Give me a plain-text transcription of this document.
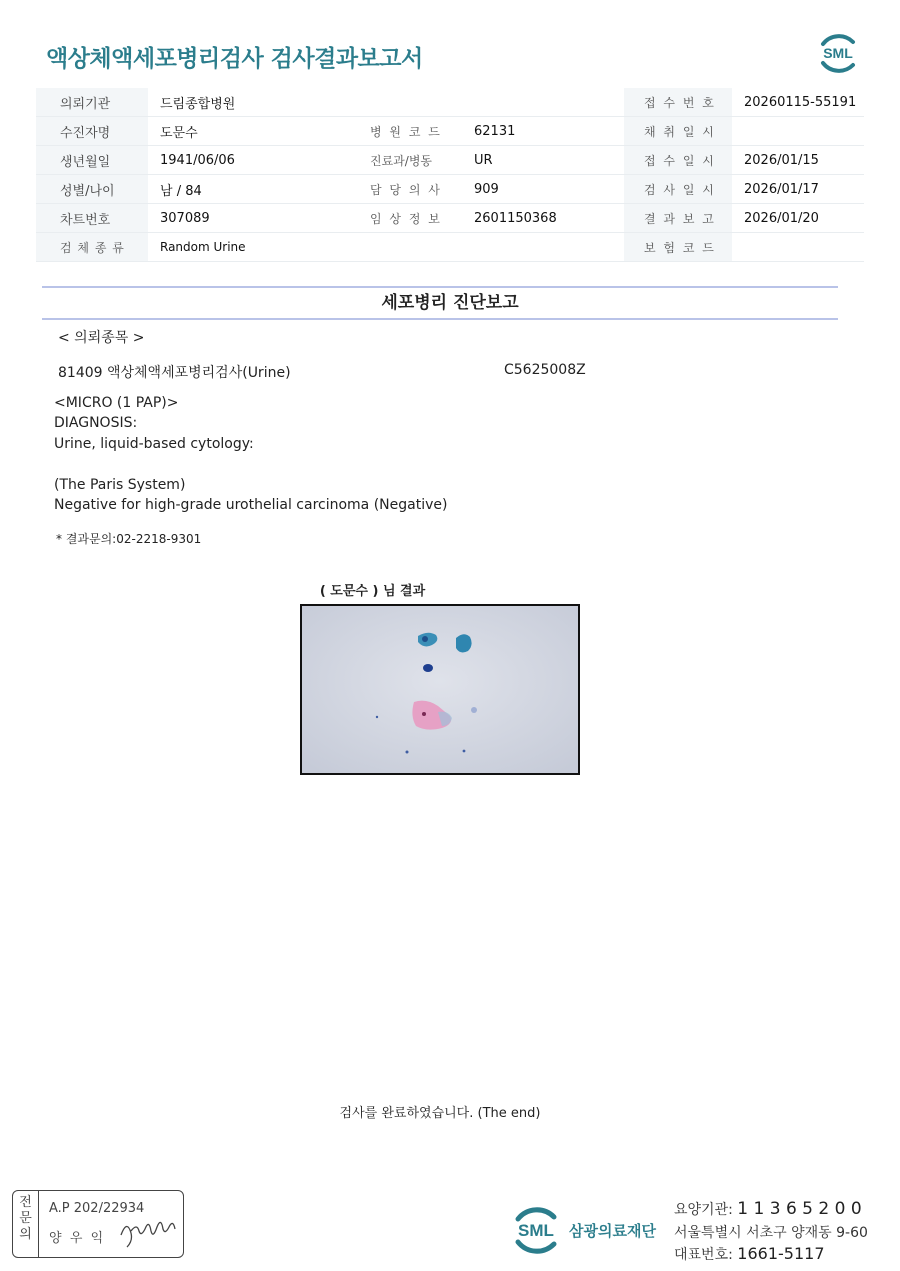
액상체액세포병리검사 검사결과보고서	SML
의뢰기관	드림종합병원			접 수 번 호	20260115-55191
수진자명	도문수	병 원 코 드	62131	채 취 일 시	
생년월일	1941/06/06	진료과/병동	UR	접 수 일 시	2026/01/15
성별/나이	남 / 84	담 당 의 사	909	검 사 일 시	2026/01/17
차트번호	307089	임 상 정 보	2601150368	결 과 보 고	2026/01/20
검 체 종 류	Random Urine			보 험 코 드	
세포병리 진단보고
< 의뢰종목 >
81409 액상체액세포병리검사(Urine)	C5625008Z
<MICRO (1 PAP)>
DIAGNOSIS:
Urine, liquid-based cytology:
(The Paris System)
Negative for high-grade urothelial carcinoma (Negative)
* 결과문의:02-2218-9301
( 도문수 ) 님 결과
검사를 완료하였습니다. (The end)
전
문
의
A.P 202/22934
양  우  익	SML 삼광의료재단
요양기관: 1 1 3 6 5 2 0 0
서울특별시 서초구 양재동 9-60
대표번호: 1661-5117
